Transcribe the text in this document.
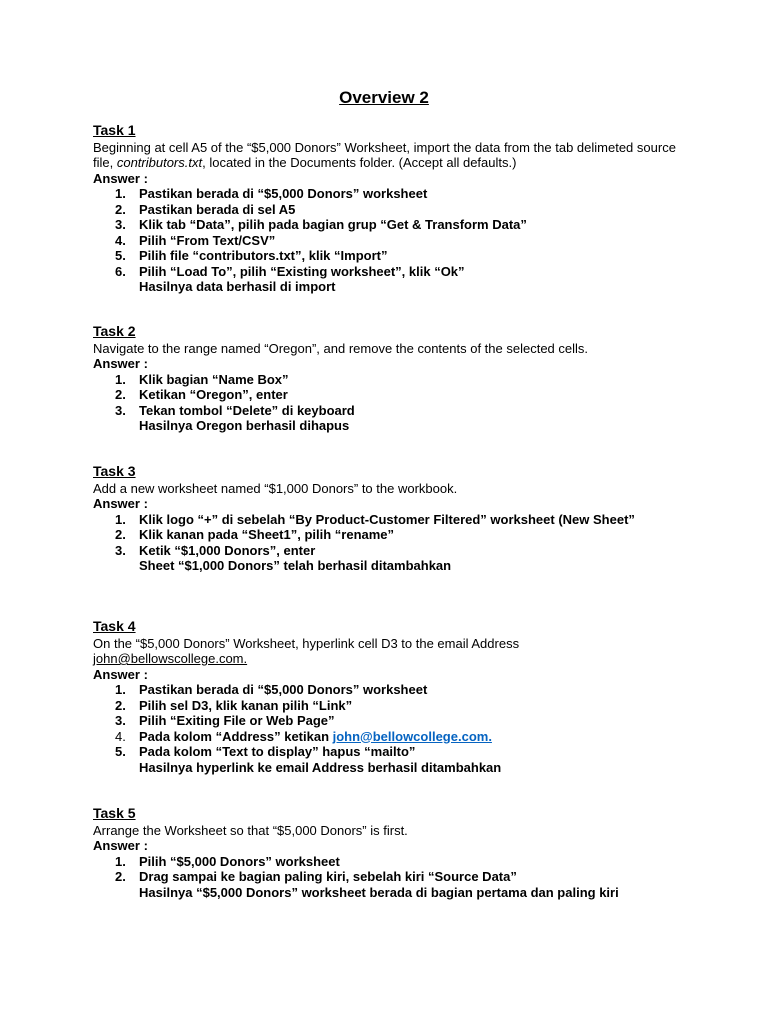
Overview 2
Task 1
Beginning at cell A5 of the “$5,000 Donors” Worksheet, import the data from the tab delimeted source file, contributors.txt, located in the Documents folder. (Accept all defaults.)
Answer :
1. Pastikan berada di “$5,000 Donors” worksheet
2. Pastikan berada di sel A5
3. Klik tab “Data”, pilih pada bagian grup “Get & Transform Data”
4. Pilih “From Text/CSV”
5. Pilih file “contributors.txt”, klik “Import”
6. Pilih “Load To”, pilih “Existing worksheet”, klik “Ok”
Hasilnya data berhasil di import
Task 2
Navigate to the range named “Oregon”, and remove the contents of the selected cells.
Answer :
1. Klik bagian “Name Box”
2. Ketikan “Oregon”, enter
3. Tekan tombol “Delete” di keyboard
Hasilnya Oregon berhasil dihapus
Task 3
Add a new worksheet named “$1,000 Donors” to the workbook.
Answer :
1. Klik logo “+” di sebelah “By Product-Customer Filtered” worksheet (New Sheet”
2. Klik kanan pada “Sheet1”, pilih “rename”
3. Ketik “$1,000 Donors”, enter
Sheet “$1,000 Donors” telah berhasil ditambahkan
Task 4
On the “$5,000 Donors” Worksheet, hyperlink cell D3 to the email Address
john@bellowscollege.com.
Answer :
1. Pastikan berada di “$5,000 Donors” worksheet
2. Pilih sel D3, klik kanan pilih “Link”
3. Pilih “Exiting File or Web Page”
4. Pada kolom “Address” ketikan john@bellowcollege.com.
5. Pada kolom “Text to display” hapus “mailto”
Hasilnya hyperlink ke email Address berhasil ditambahkan
Task 5
Arrange the Worksheet so that “$5,000 Donors” is first.
Answer :
1. Pilih “$5,000 Donors” worksheet
2. Drag sampai ke bagian paling kiri, sebelah kiri “Source Data”
Hasilnya “$5,000 Donors” worksheet berada di bagian pertama dan paling kiri
